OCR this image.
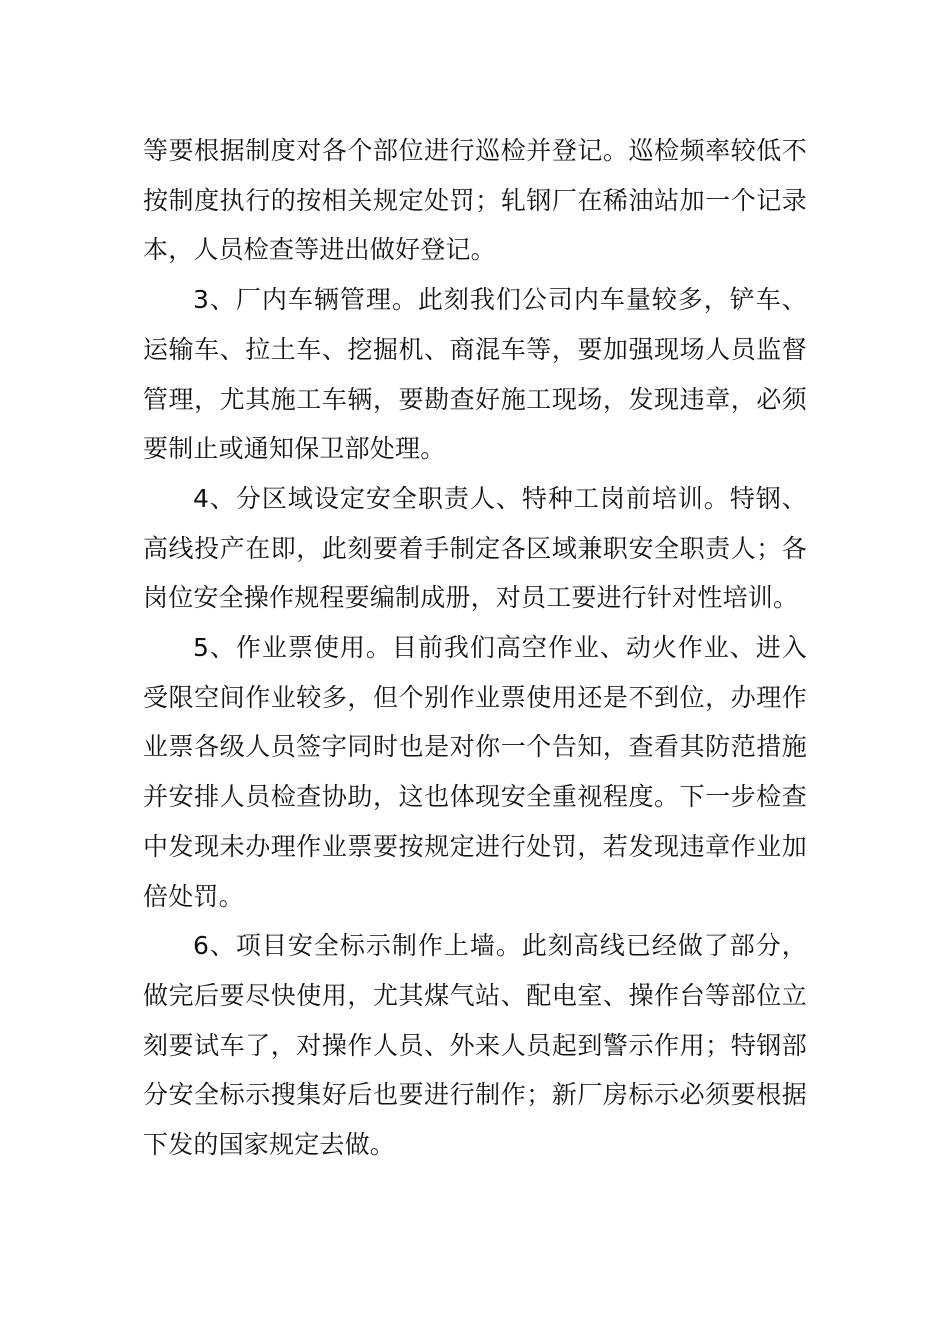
等要根据制度对各个部位进行巡检并登记。巡检频率较低不按制度执行的按相关规定处罚；轧钢厂在稀油站加一个记录本，人员检查等进出做好登记。

3、厂内车辆管理。此刻我们公司内车量较多，铲车、运输车、拉土车、挖掘机、商混车等，要加强现场人员监督管理，尤其施工车辆，要勘查好施工现场，发现违章，必须要制止或通知保卫部处理。

4、分区域设定安全职责人、特种工岗前培训。特钢、高线投产在即，此刻要着手制定各区域兼职安全职责人；各岗位安全操作规程要编制成册，对员工要进行针对性培训。

5、作业票使用。目前我们高空作业、动火作业、进入受限空间作业较多，但个别作业票使用还是不到位，办理作业票各级人员签字同时也是对你一个告知，查看其防范措施并安排人员检查协助，这也体现安全重视程度。下一步检查中发现未办理作业票要按规定进行处罚，若发现违章作业加倍处罚。

6、项目安全标示制作上墙。此刻高线已经做了部分，做完后要尽快使用，尤其煤气站、配电室、操作台等部位立刻要试车了，对操作人员、外来人员起到警示作用；特钢部分安全标示搜集好后也要进行制作；新厂房标示必须要根据下发的国家规定去做。
